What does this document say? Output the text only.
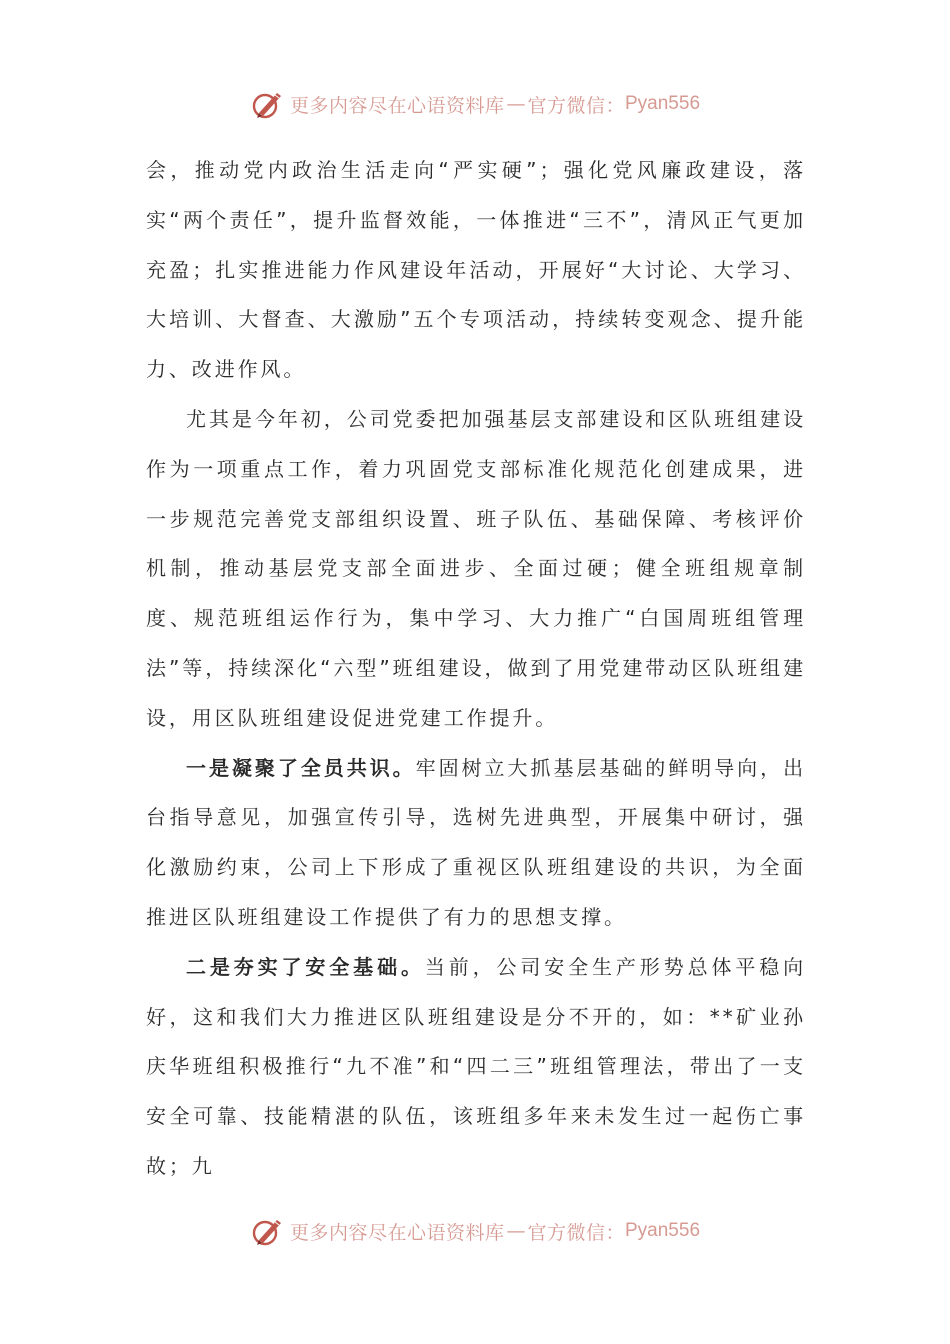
更多内容尽在心语资料库 — 官方微信： Pyan556

会，推动党内政治生活走向“严实硬”；强化党风廉政建设，落实“两个责任”，提升监督效能，一体推进“三不”，清风正气更加充盈；扎实推进能力作风建设年活动，开展好“大讨论、大学习、大培训、大督查、大激励”五个专项活动，持续转变观念、提升能力、改进作风。

尤其是今年初，公司党委把加强基层支部建设和区队班组建设作为一项重点工作，着力巩固党支部标准化规范化创建成果，进一步规范完善党支部组织设置、班子队伍、基础保障、考核评价机制，推动基层党支部全面进步、全面过硬；健全班组规章制度、规范班组运作行为，集中学习、大力推广“白国周班组管理法”等，持续深化“六型”班组建设，做到了用党建带动区队班组建设，用区队班组建设促进党建工作提升。

一是凝聚了全员共识。牢固树立大抓基层基础的鲜明导向，出台指导意见，加强宣传引导，选树先进典型，开展集中研讨，强化激励约束，公司上下形成了重视区队班组建设的共识，为全面推进区队班组建设工作提供了有力的思想支撑。

二是夯实了安全基础。当前，公司安全生产形势总体平稳向好，这和我们大力推进区队班组建设是分不开的，如：**矿业孙庆华班组积极推行“九不准”和“四二三”班组管理法，带出了一支安全可靠、技能精湛的队伍，该班组多年来未发生过一起伤亡事故；九

更多内容尽在心语资料库 — 官方微信： Pyan556
